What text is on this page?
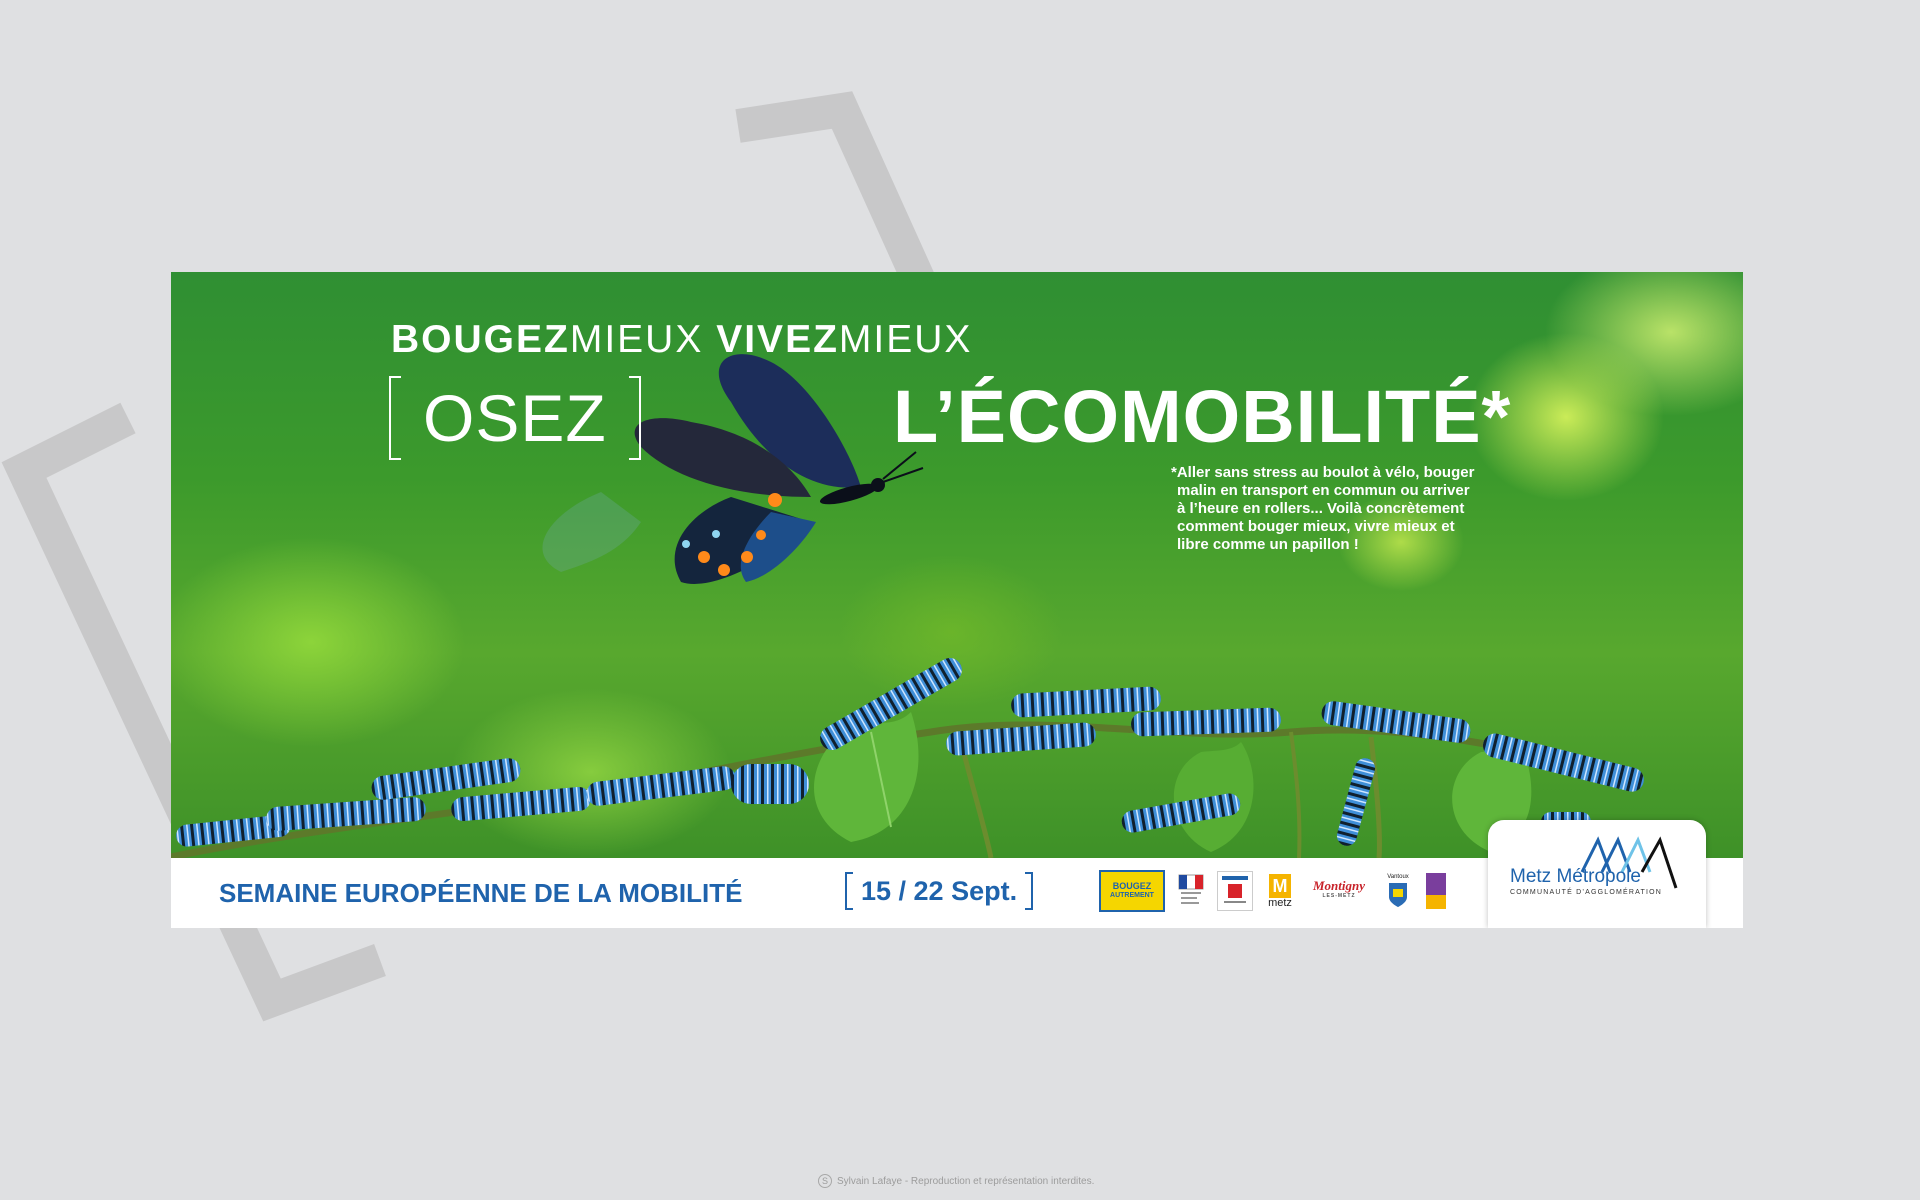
BOUGEZMIEUX VIVEZMIEUX
OSEZ	L’ÉCOMOBILITÉ*
*Aller sans stress au boulot à vélo, bouger
malin en transport en commun ou arriver
à l’heure en rollers... Voilà concrètement
comment bouger mieux, vivre mieux et
libre comme un papillon !
SEMAINE EUROPÉENNE DE LA MOBILITÉ	15 / 22 Sept.	BOUGEZ
AUTREMENT	M
metz
Montigny
LES-METZ
Vantoux	Metz Métropole
COMMUNAUTÉ D’AGGLOMÉRATION
S Sylvain Lafaye - Reproduction et représentation interdites.
